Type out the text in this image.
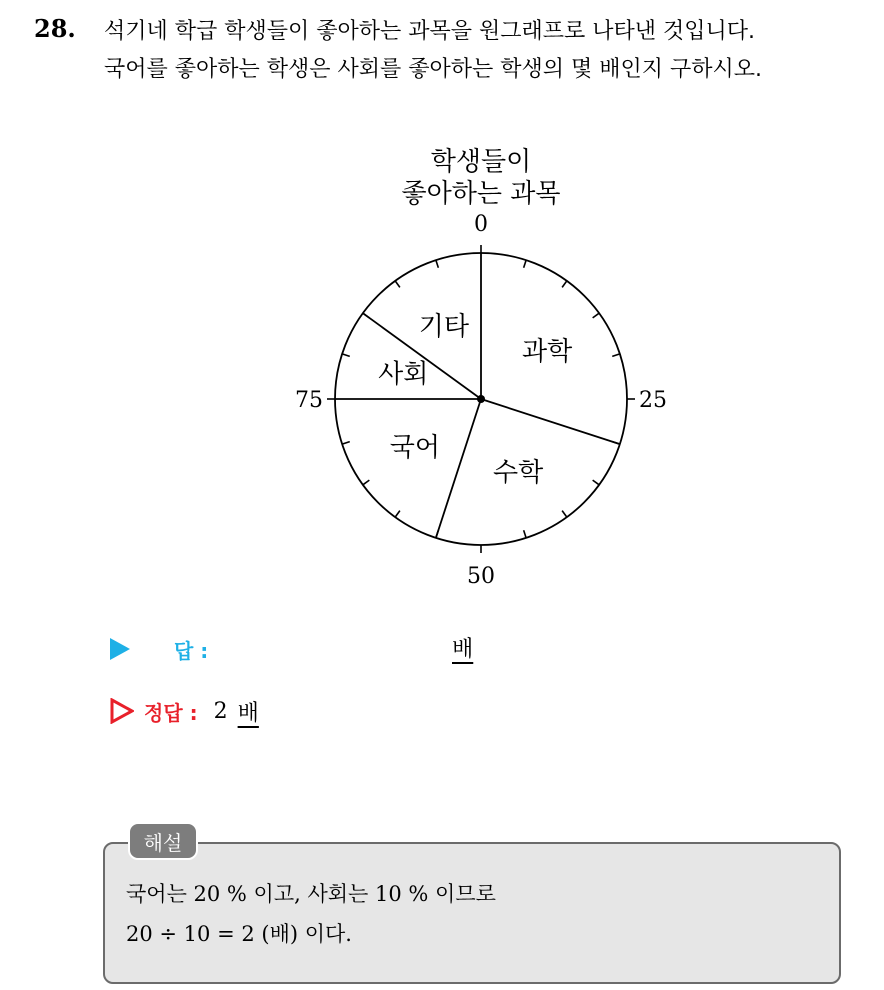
28. 석기네 학급 학생들이 좋아하는 과목을 원그래프로 나타낸 것입니다.
국어를 좋아하는 학생은 사회를 좋아하는 학생의 몇 배인지 구하시오.
학생들이
좋아하는 과목
과학
수학
국어
사회
기타
0
25
50
75
답 :	배
정답 : 2 배
해설
국어는 20 % 이고, 사회는 10 % 이므로
20 ÷ 10 = 2 (배) 이다.
